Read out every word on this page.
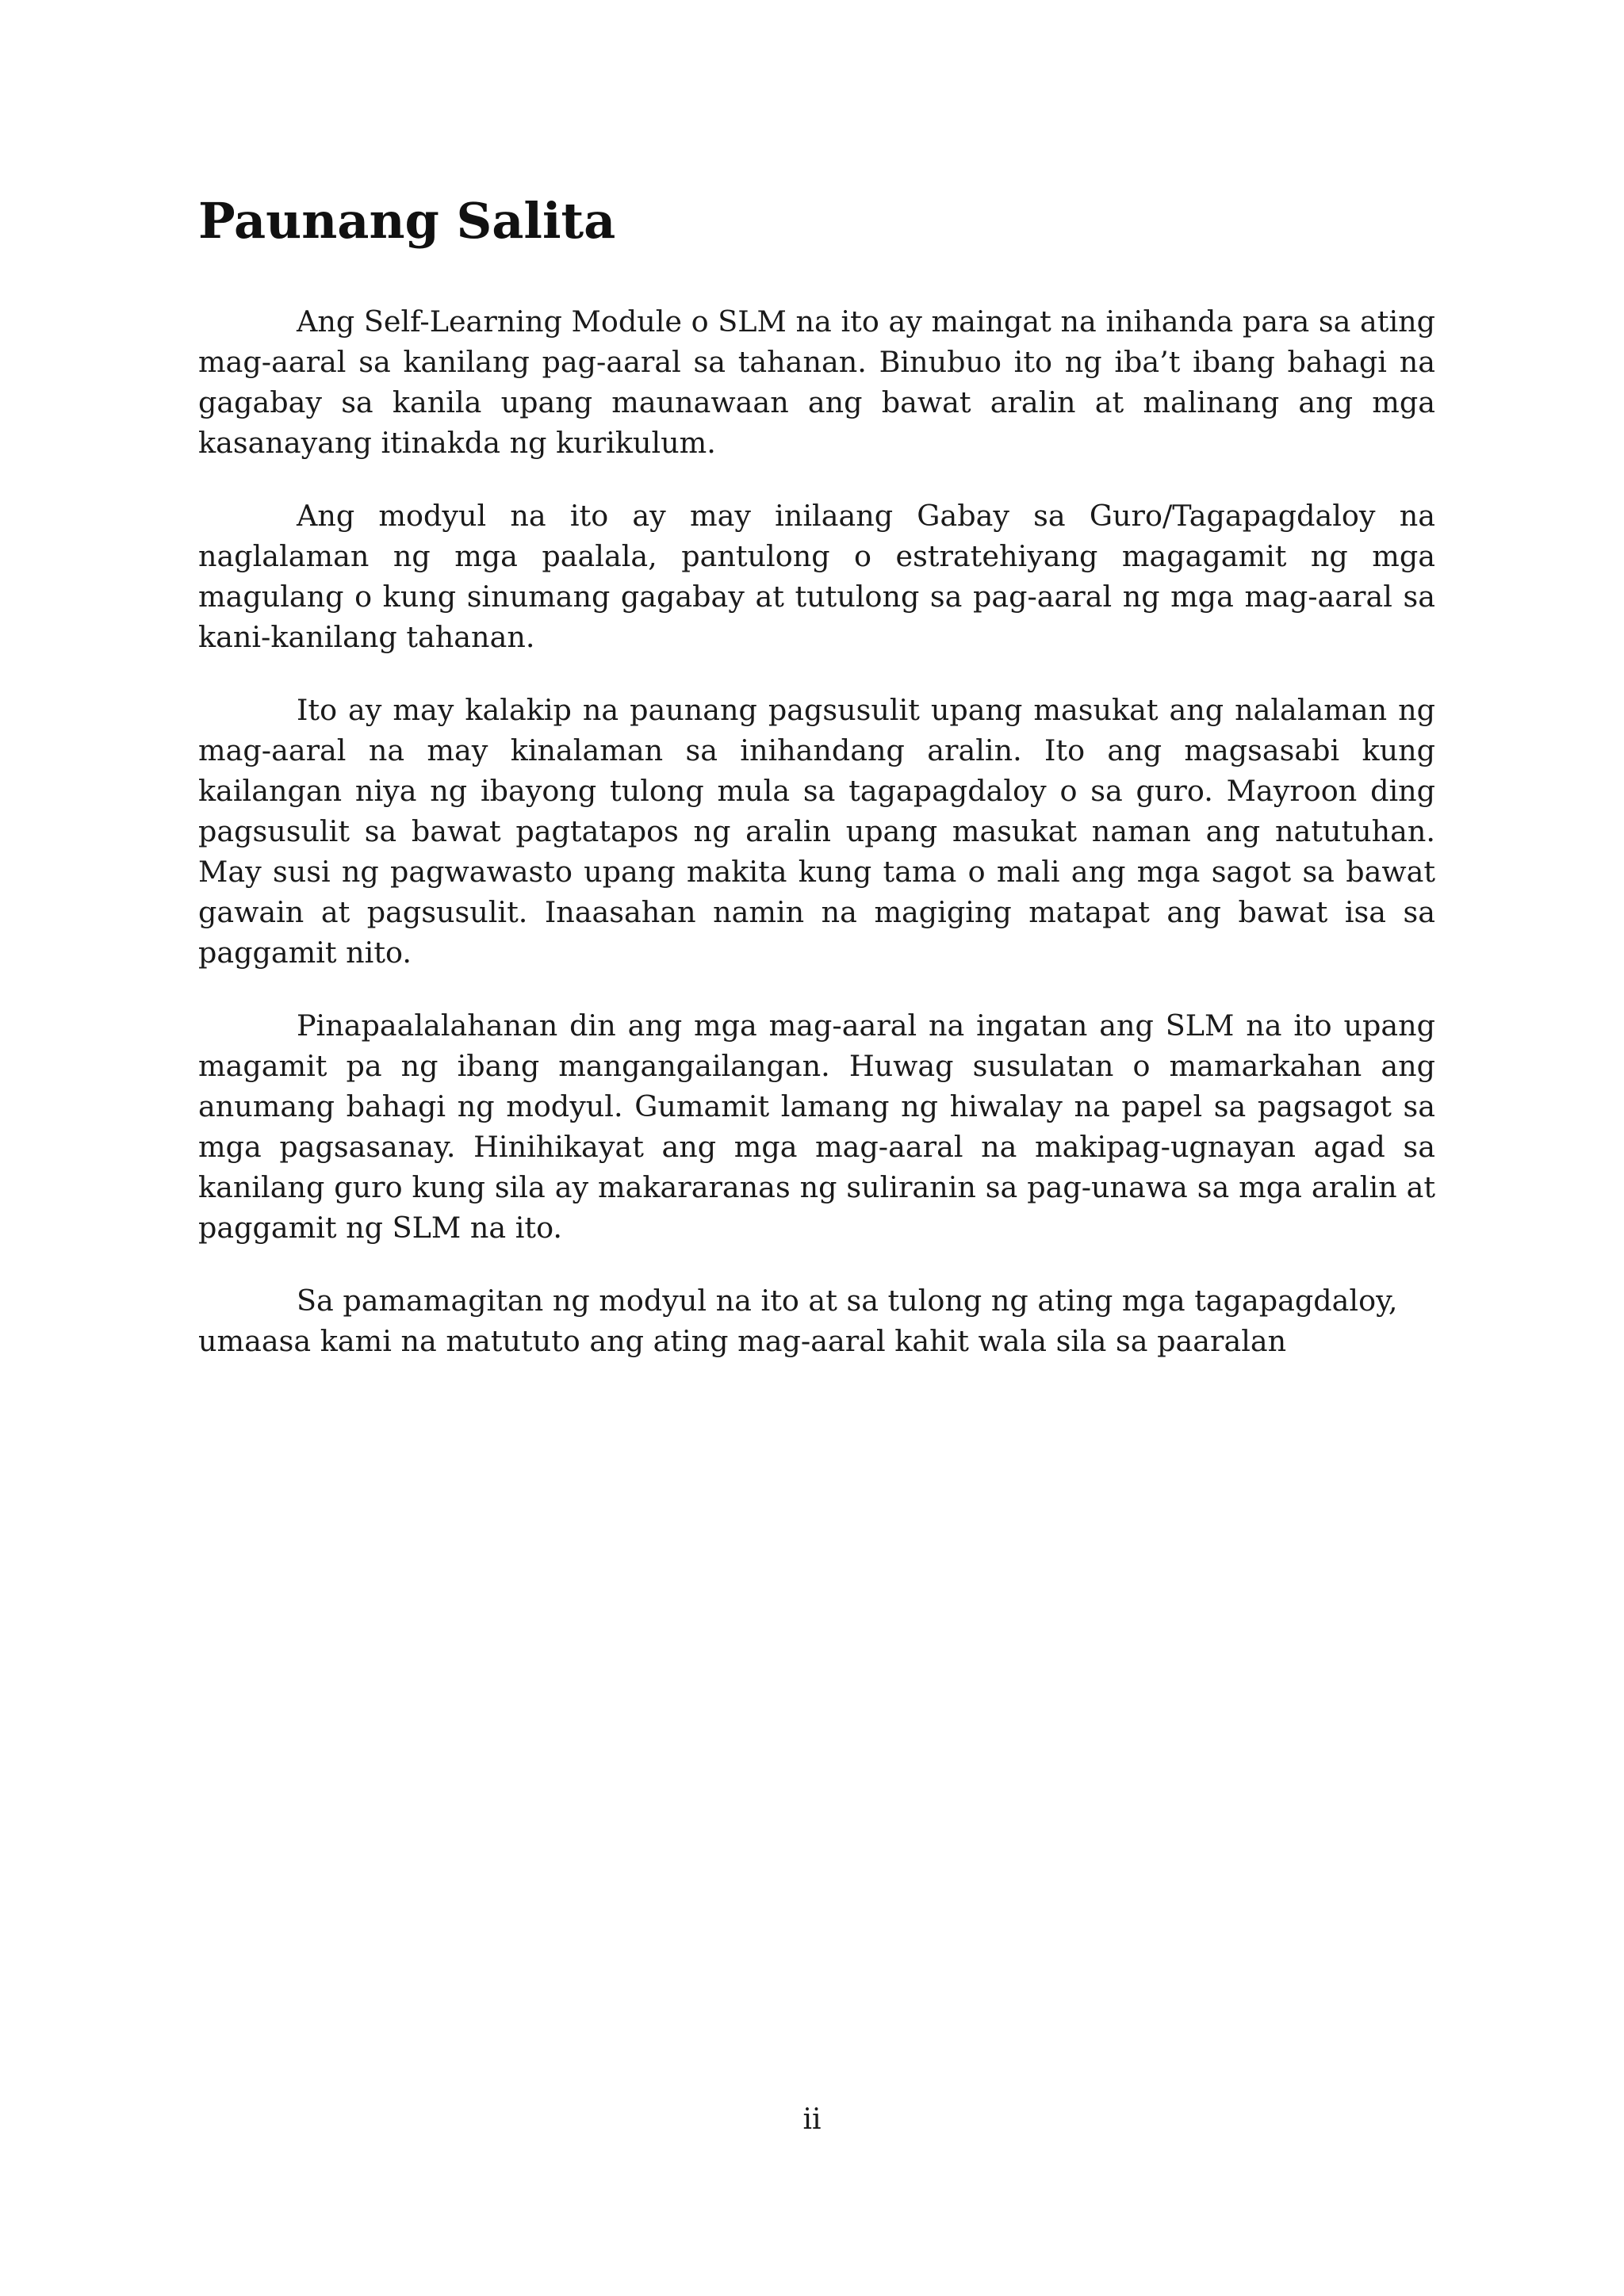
Paunang Salita

Ang Self-Learning Module o SLM na ito ay maingat na inihanda para sa ating mag-aaral sa kanilang pag-aaral sa tahanan. Binubuo ito ng iba’t ibang bahagi na gagabay sa kanila upang maunawaan ang bawat aralin at malinang ang mga kasanayang itinakda ng kurikulum.

Ang modyul na ito ay may inilaang Gabay sa Guro/Tagapagdaloy na naglalaman ng mga paalala, pantulong o estratehiyang magagamit ng mga magulang o kung sinumang gagabay at tutulong sa pag-aaral ng mga mag-aaral sa kani-kanilang tahanan.

Ito ay may kalakip na paunang pagsusulit upang masukat ang nalalaman ng mag-aaral na may kinalaman sa inihandang aralin. Ito ang magsasabi kung kailangan niya ng ibayong tulong mula sa tagapagdaloy o sa guro. Mayroon ding pagsusulit sa bawat pagtatapos ng aralin upang masukat naman ang natutuhan. May susi ng pagwawasto upang makita kung tama o mali ang mga sagot sa bawat gawain at pagsusulit. Inaasahan namin na magiging matapat ang bawat isa sa paggamit nito.

Pinapaalalahanan din ang mga mag-aaral na ingatan ang SLM na ito upang magamit pa ng ibang mangangailangan. Huwag susulatan o mamarkahan ang anumang bahagi ng modyul. Gumamit lamang ng hiwalay na papel sa pagsagot sa mga pagsasanay. Hinihikayat ang mga mag-aaral na makipag-ugnayan agad sa kanilang guro kung sila ay makararanas ng suliranin sa pag-unawa sa mga aralin at paggamit ng SLM na ito.

Sa pamamagitan ng modyul na ito at sa tulong ng ating mga tagapagdaloy, umaasa kami na matututo ang ating mag-aaral kahit wala sila sa paaralan

ii
